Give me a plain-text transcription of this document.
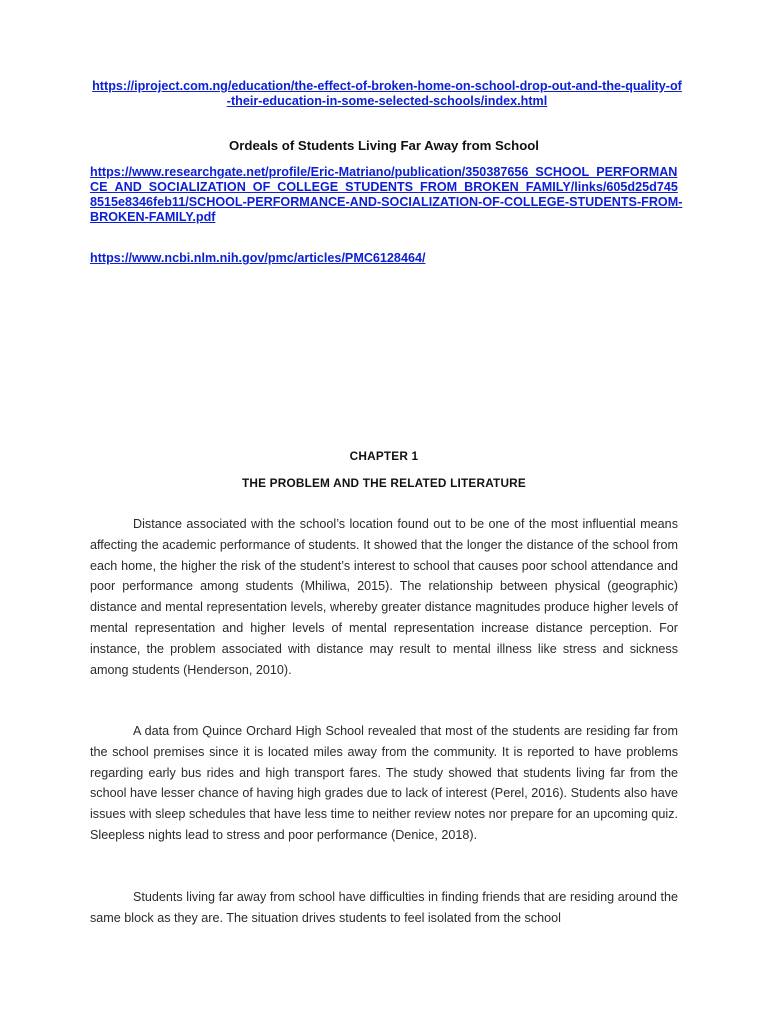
https://iproject.com.ng/education/the-effect-of-broken-home-on-school-drop-out-and-the-quality-of-their-education-in-some-selected-schools/index.html
Ordeals of Students Living Far Away from School
https://www.researchgate.net/profile/Eric-Matriano/publication/350387656_SCHOOL_PERFORMANCE_AND_SOCIALIZATION_OF_COLLEGE_STUDENTS_FROM_BROKEN_FAMILY/links/605d25d7458515e8346feb11/SCHOOL-PERFORMANCE-AND-SOCIALIZATION-OF-COLLEGE-STUDENTS-FROM-BROKEN-FAMILY.pdf
https://www.ncbi.nlm.nih.gov/pmc/articles/PMC6128464/
CHAPTER 1
THE PROBLEM AND THE RELATED LITERATURE

Distance associated with the school’s location found out to be one of the most influential means affecting the academic performance of students. It showed that the longer the distance of the school from each home, the higher the risk of the student’s interest to school that causes poor school attendance and poor performance among students (Mhiliwa, 2015). The relationship between physical (geographic) distance and mental representation levels, whereby greater distance magnitudes produce higher levels of mental representation and higher levels of mental representation increase distance perception. For instance, the problem associated with distance may result to mental illness like stress and sickness among students (Henderson, 2010).

A data from Quince Orchard High School revealed that most of the students are residing far from the school premises since it is located miles away from the community. It is reported to have problems regarding early bus rides and high transport fares. The study showed that students living far from the school have lesser chance of having high grades due to lack of interest (Perel, 2016). Students also have issues with sleep schedules that have less time to neither review notes nor prepare for an upcoming quiz. Sleepless nights lead to stress and poor performance (Denice, 2018).

Students living far away from school have difficulties in finding friends that are residing around the same block as they are. The situation drives students to feel isolated from the school
